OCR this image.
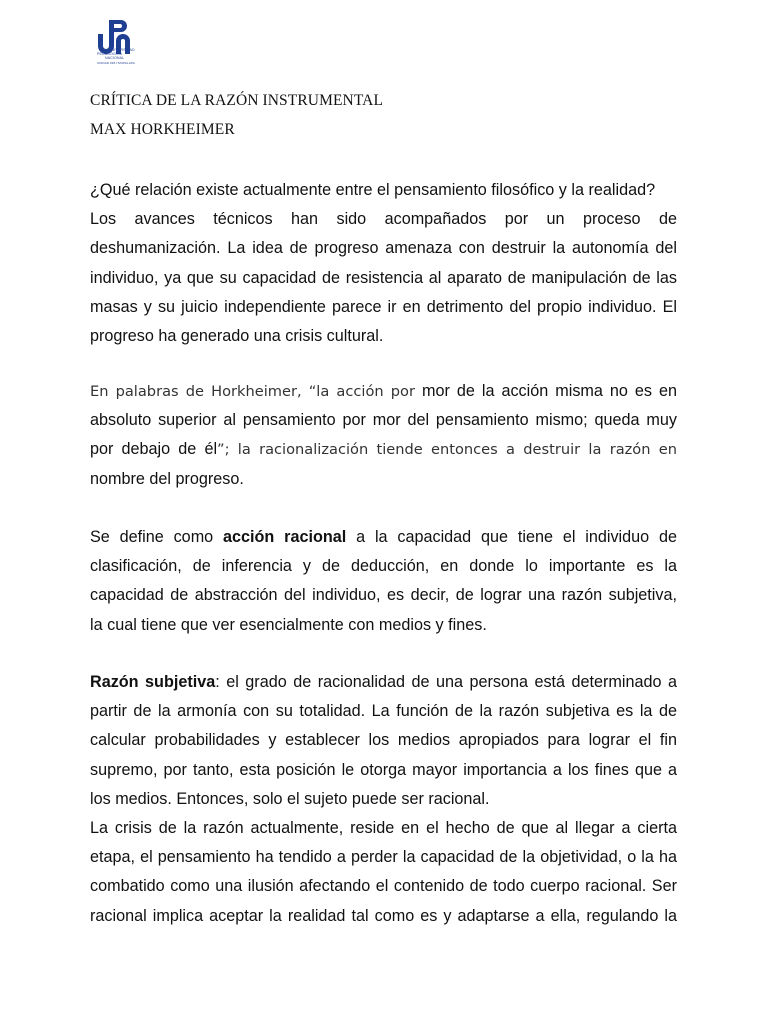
UNIVERSIDAD
PEDAGÓGICA
NACIONAL
UNIDAD 095 ITZAPALAPA
CRÍTICA DE LA RAZÓN INSTRUMENTAL
MAX HORKHEIMER
¿Qué relación existe actualmente entre el pensamiento filosófico y la realidad?
Los avances técnicos han sido acompañados por un proceso de
deshumanización. La idea de progreso amenaza con destruir la autonomía del
individuo, ya que su capacidad de resistencia al aparato de manipulación de las
masas y su juicio independiente parece ir en detrimento del propio individuo. El
progreso ha generado una crisis cultural.
En palabras de Horkheimer, “la acción por mor de la acción misma no es en
absoluto superior al pensamiento por mor del pensamiento mismo; queda muy
por debajo de él”; la racionalización tiende entonces a destruir la razón en
nombre del progreso.
Se define como acción racional a la capacidad que tiene el individuo de
clasificación, de inferencia y de deducción, en donde lo importante es la
capacidad de abstracción del individuo, es decir, de lograr una razón subjetiva,
la cual tiene que ver esencialmente con medios y fines.
Razón subjetiva: el grado de racionalidad de una persona está determinado a
partir de la armonía con su totalidad. La función de la razón subjetiva es la de
calcular probabilidades y establecer los medios apropiados para lograr el fin
supremo, por tanto, esta posición le otorga mayor importancia a los fines que a
los medios. Entonces, solo el sujeto puede ser racional.
La crisis de la razón actualmente, reside en el hecho de que al llegar a cierta
etapa, el pensamiento ha tendido a perder la capacidad de la objetividad, o la ha
combatido como una ilusión afectando el contenido de todo cuerpo racional. Ser
racional implica aceptar la realidad tal como es y adaptarse a ella, regulando la
